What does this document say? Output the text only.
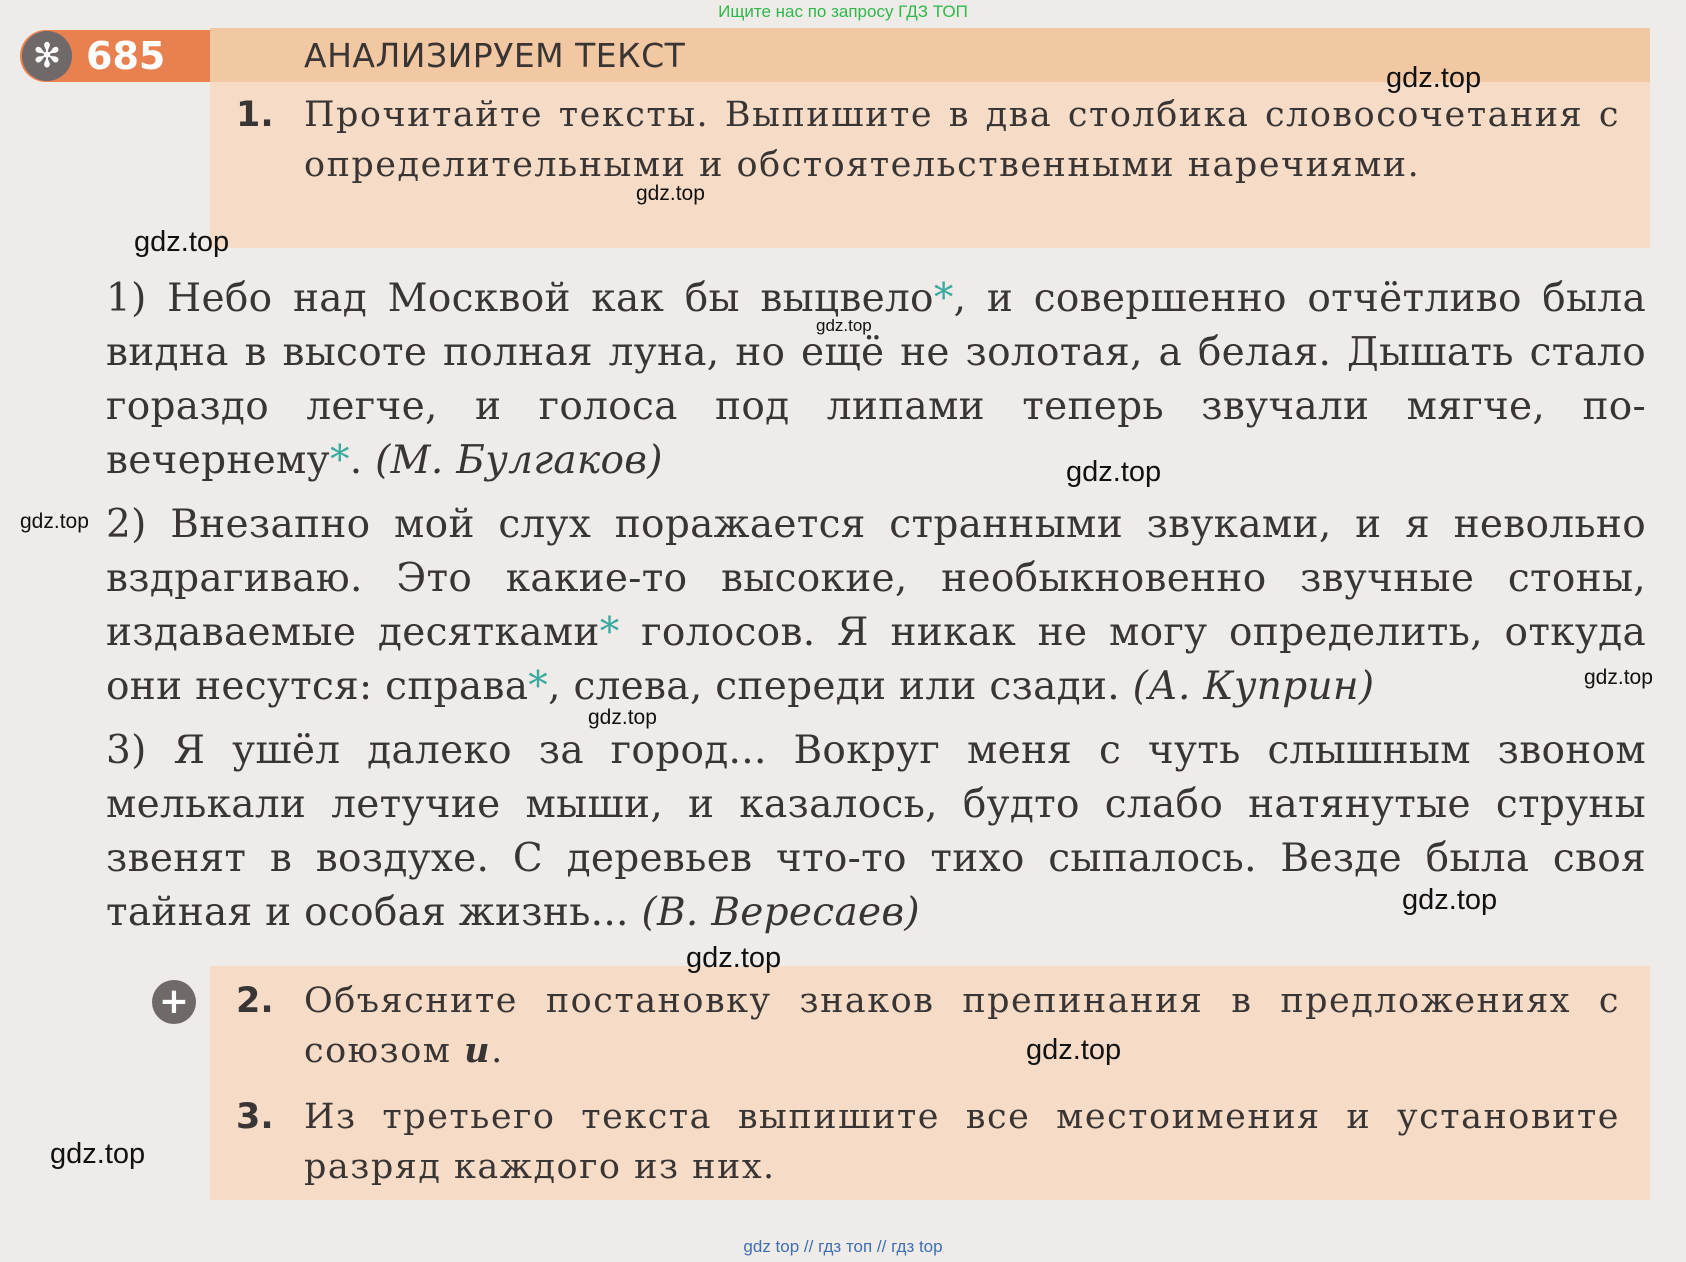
Ищите нас по запросу ГДЗ ТОП
✻ 685	АНАЛИЗИРУЕМ ТЕКСТ
1. Прочитайте тексты. Выпишите в два столбика словосочетания с определительными и обстоятельственными наречиями.
1) Небо над Москвой как бы выцвело*, и совершенно отчётливо была видна в высоте полная луна, но ещё не золотая, а белая. Дышать стало гораздо легче, и голоса под липами теперь звучали мягче, по-вечернему*. (М. Булгаков)
2) Внезапно мой слух поражается странными звуками, и я невольно вздрагиваю. Это какие-то высокие, необыкновенно звучные стоны, издаваемые десятками* голосов. Я никак не могу определить, откуда они несутся: справа*, слева, спереди или сзади. (А. Куприн)
3) Я ушёл далеко за город... Вокруг меня с чуть слышным звоном мелькали летучие мыши, и казалось, будто слабо натянутые струны звенят в воздухе. С деревьев что-то тихо сыпалось. Везде была своя тайная и особая жизнь... (В. Вересаев)
+ 2. Объясните постановку знаков препинания в предложениях с союзом и.
3. Из третьего текста выпишите все местоимения и установите разряд каждого из них.
gdz.top
gdz.top
gdz.top
gdz.top
gdz.top
gdz.top
gdz.top
gdz.top
gdz.top
gdz.top
gdz.top
gdz.top
gdz top // гдз топ // гдз top
